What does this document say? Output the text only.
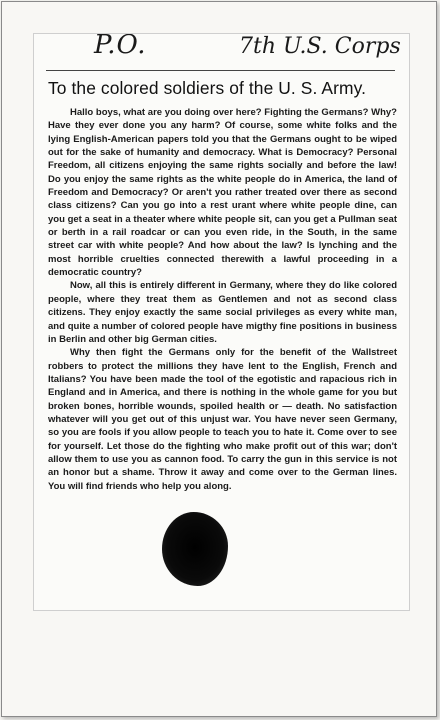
P.O.	7th U.S. Corps
To the colored soldiers of the U. S. Army.

Hallo boys, what are you doing over here? Fighting the Germans? Why? Have they ever done you any harm? Of course, some white folks and the lying English-American papers told you that the Germans ought to be wiped out for the sake of humanity and democracy. What is Democracy? Personal Freedom, all citizens enjoying the same rights socially and before the law! Do you enjoy the same rights as the white people do in America, the land of Freedom and Democracy? Or aren't you rather treated over there as second class citizens? Can you go into a rest urant where white people dine, can you get a seat in a theater where white people sit, can you get a Pullman seat or berth in a rail roadcar or can you even ride, in the South, in the same street car with white people? And how about the law? Is lynching and the most horrible cruelties connected therewith a lawful proceeding in a democratic country?

Now, all this is entirely different in Germany, where they do like colored people, where they treat them as Gentlemen and not as second class citizens. They enjoy exactly the same social privileges as every white man, and quite a number of colored people have migthy fine positions in business in Berlin and other big German cities.

Why then fight the Germans only for the benefit of the Wallstreet robbers to protect the millions they have lent to the English, French and Italians? You have been made the tool of the egotistic and rapacious rich in England and in America, and there is nothing in the whole game for you but broken bones, horrible wounds, spoiled health or — death. No satisfaction whatever will you get out of this unjust war. You have never seen Germany, so you are fools if you allow people to teach you to hate it. Come over to see for yourself. Let those do the fighting who make profit out of this war; don't allow them to use you as cannon food. To carry the gun in this service is not an honor but a shame. Throw it away and come over to the German lines. You will find friends who help you along.
